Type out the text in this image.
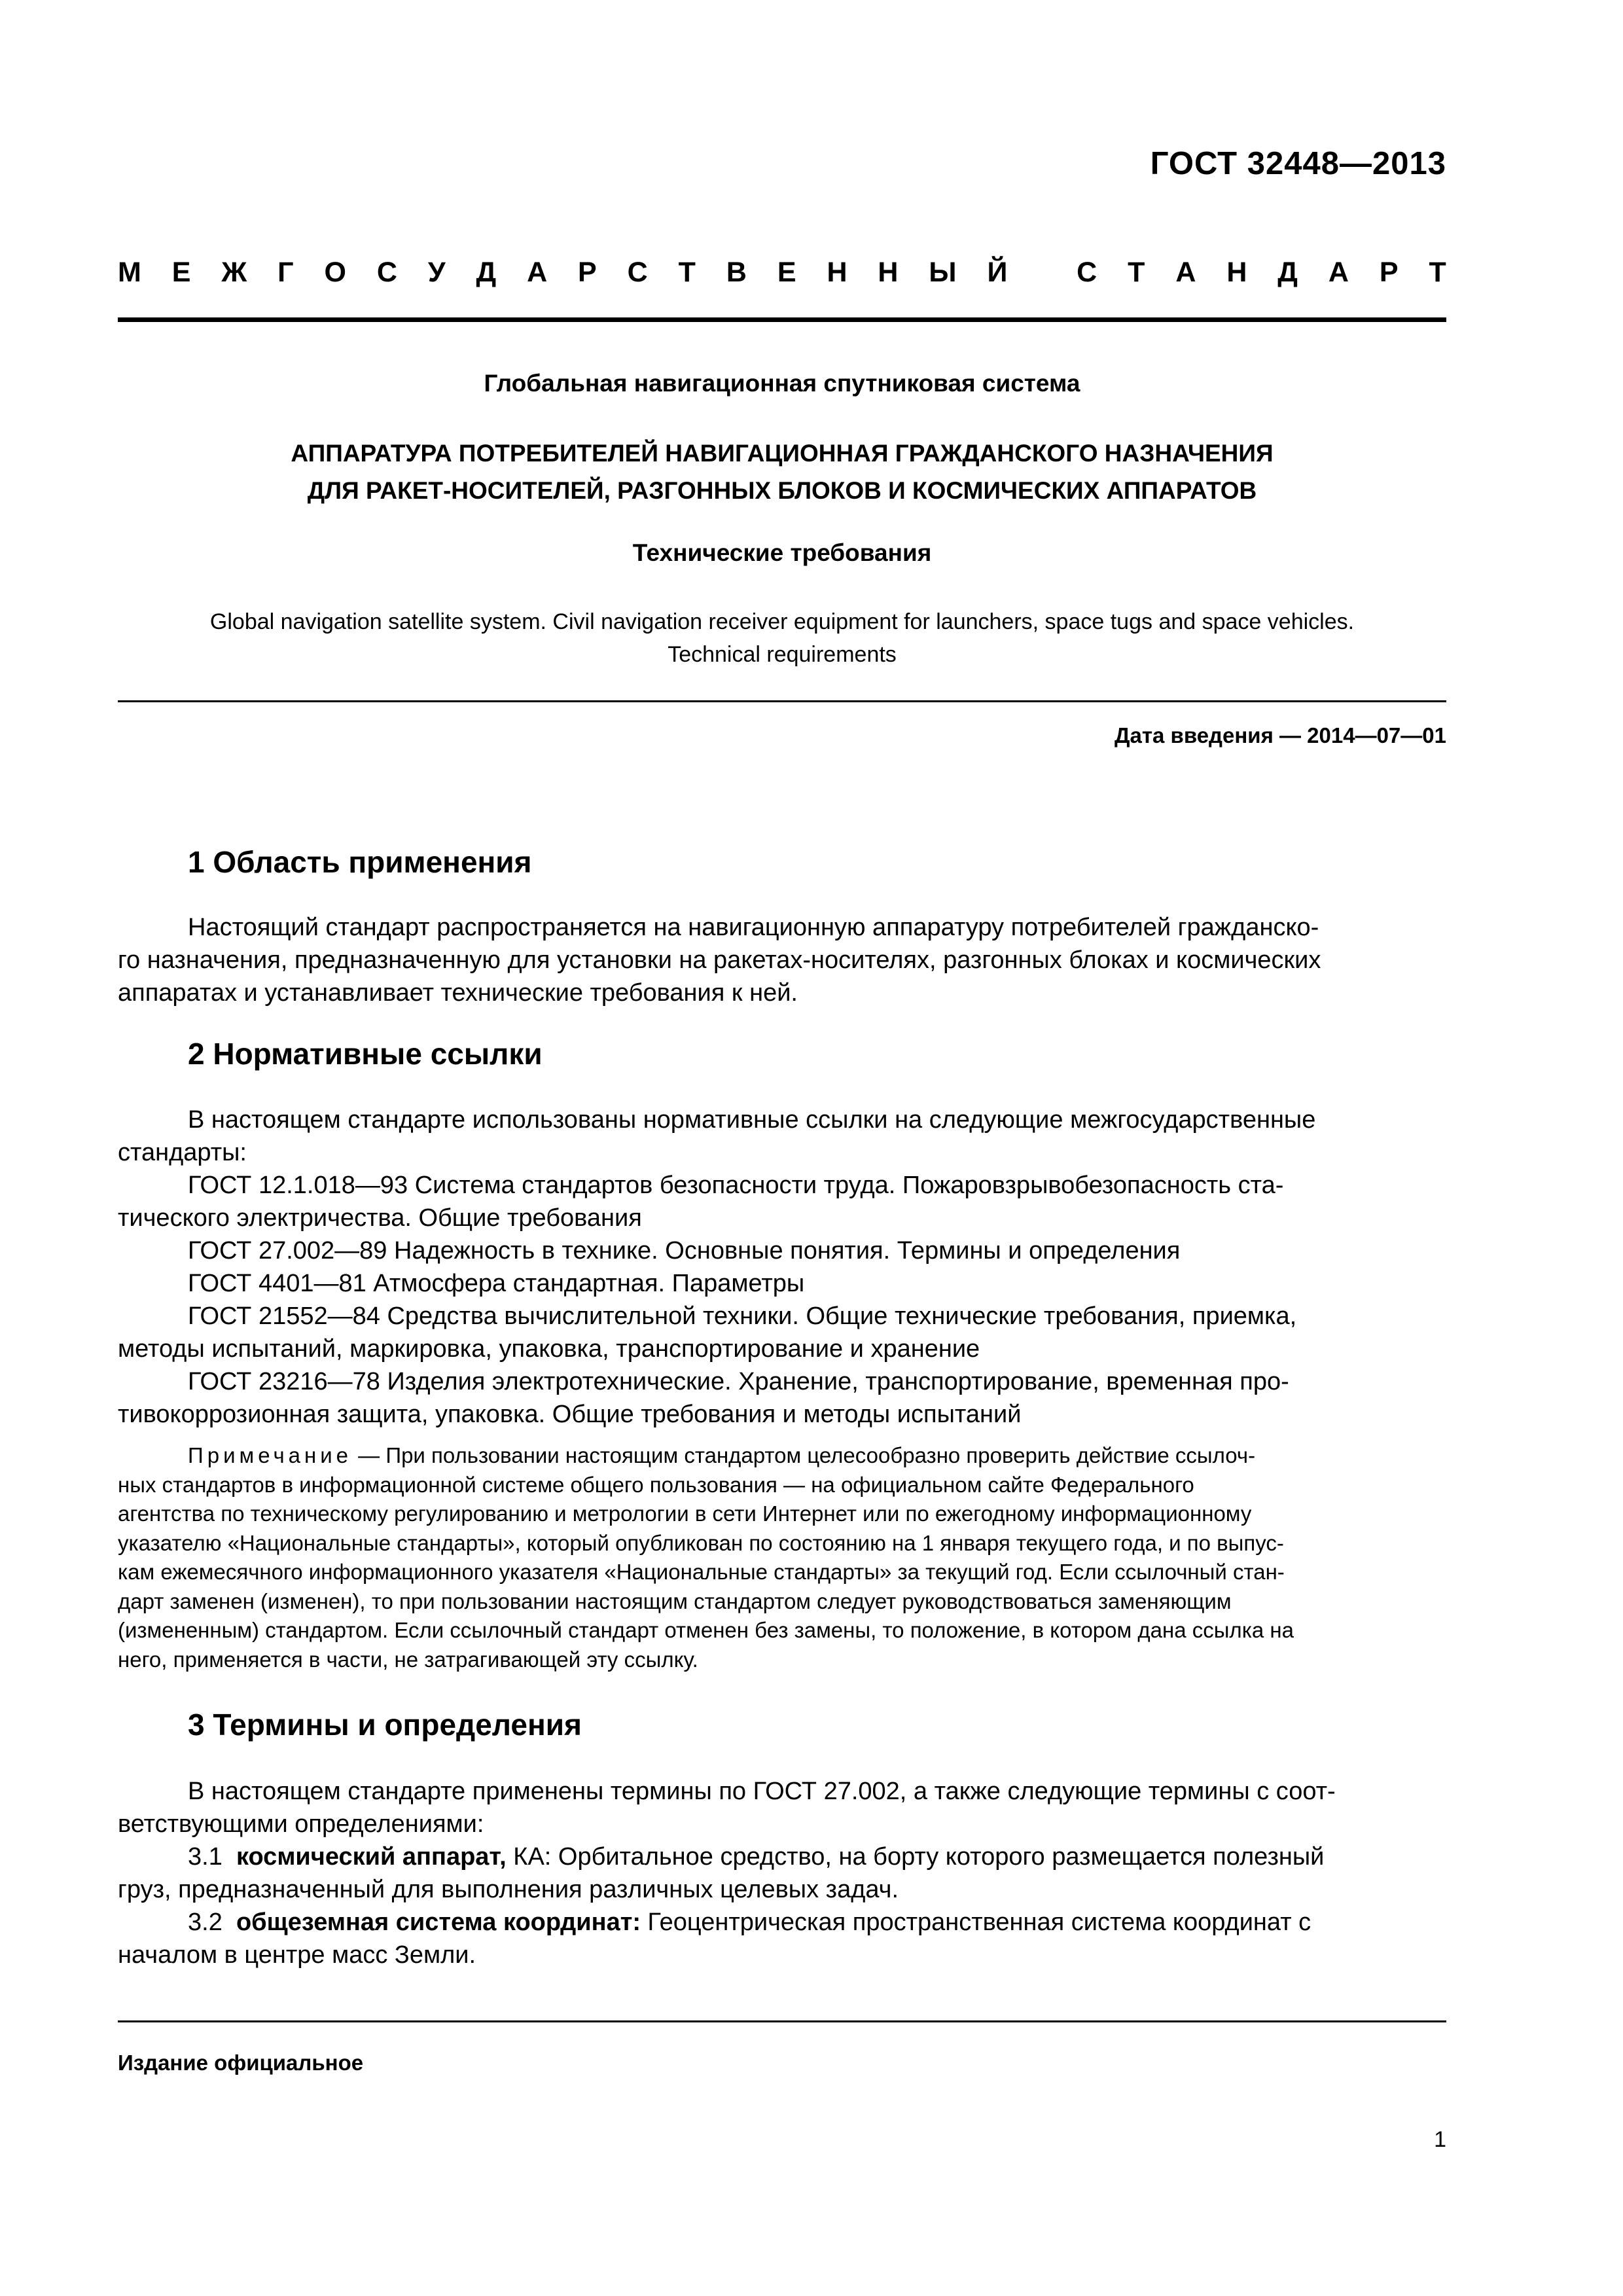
ГОСТ 32448—2013
М Е Ж Г О С У Д А Р С Т В Е Н Н Ы Й
С Т А Н Д А Р Т
Глобальная навигационная спутниковая система
АППАРАТУРА ПОТРЕБИТЕЛЕЙ НАВИГАЦИОННАЯ ГРАЖДАНСКОГО НАЗНАЧЕНИЯ
ДЛЯ РАКЕТ-НОСИТЕЛЕЙ, РАЗГОННЫХ БЛОКОВ И КОСМИЧЕСКИХ АППАРАТОВ
Технические требования
Global navigation satellite system. Civil navigation receiver equipment for launchers, space tugs and space vehicles.
Technical requirements
Дата введения — 2014—07—01
1 Область применения
Настоящий стандарт распространяется на навигационную аппаратуру потребителей гражданско-
го назначения, предназначенную для установки на ракетах-носителях, разгонных блоках и космических
аппаратах и устанавливает технические требования к ней.
2 Нормативные ссылки
В настоящем стандарте использованы нормативные ссылки на следующие межгосударственные
стандарты:
ГОСТ 12.1.018—93 Система стандартов безопасности труда. Пожаровзрывобезопасность ста-
тического электричества. Общие требования
ГОСТ 27.002—89 Надежность в технике. Основные понятия. Термины и определения
ГОСТ 4401—81 Атмосфера стандартная. Параметры
ГОСТ 21552—84 Средства вычислительной техники. Общие технические требования, приемка,
методы испытаний, маркировка, упаковка, транспортирование и хранение
ГОСТ 23216—78 Изделия электротехнические. Хранение, транспортирование, временная про-
тивокоррозионная защита, упаковка. Общие требования и методы испытаний
Примечание — При пользовании настоящим стандартом целесообразно проверить действие ссылоч-
ных стандартов в информационной системе общего пользования — на официальном сайте Федерального
агентства по техническому регулированию и метрологии в сети Интернет или по ежегодному информационному
указателю «Национальные стандарты», который опубликован по состоянию на 1 января текущего года, и по выпус-
кам ежемесячного информационного указателя «Национальные стандарты» за текущий год. Если ссылочный стан-
дарт заменен (изменен), то при пользовании настоящим стандартом следует руководствоваться заменяющим
(измененным) стандартом. Если ссылочный стандарт отменен без замены, то положение, в котором дана ссылка на
него, применяется в части, не затрагивающей эту ссылку.
3 Термины и определения
В настоящем стандарте применены термины по ГОСТ 27.002, а также следующие термины с соот-
ветствующими определениями:
3.1 космический аппарат, КА: Орбитальное средство, на борту которого размещается полезный
груз, предназначенный для выполнения различных целевых задач.
3.2 общеземная система координат: Геоцентрическая пространственная система координат с
началом в центре масс Земли.
Издание официальное
1
